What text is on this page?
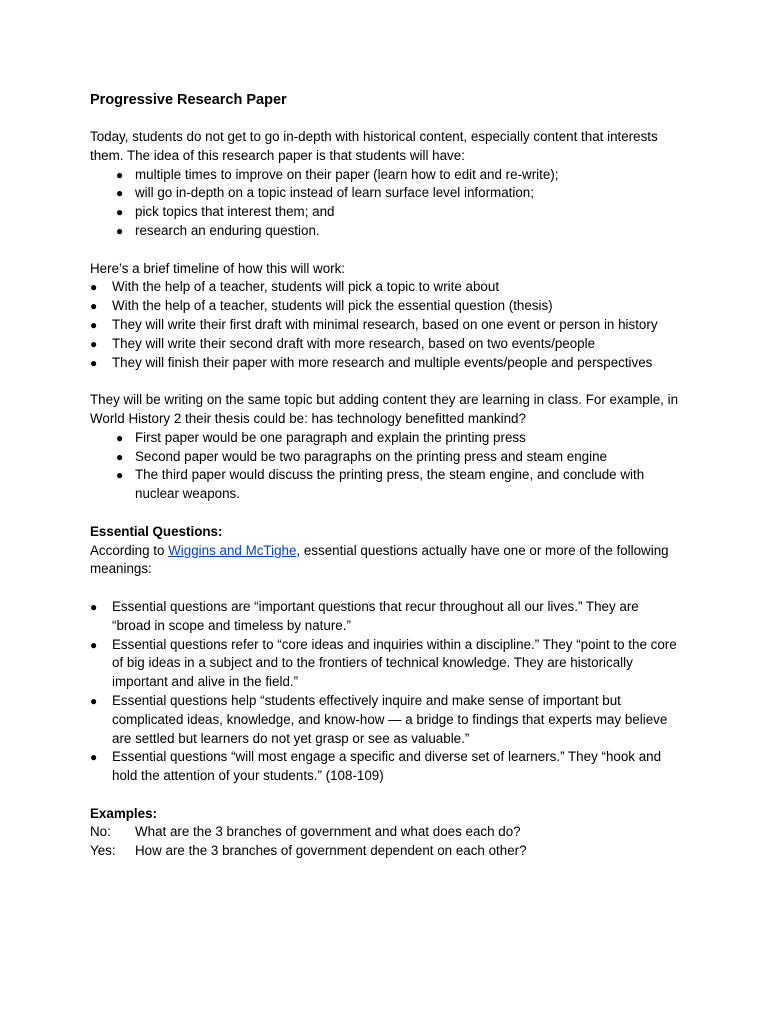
Progressive Research Paper

Today, students do not get to go in-depth with historical content, especially content that interests them. The idea of this research paper is that students will have:

● multiple times to improve on their paper (learn how to edit and re-write);
● will go in-depth on a topic instead of learn surface level information;
● pick topics that interest them; and
● research an enduring question.

Here’s a brief timeline of how this will work:

● With the help of a teacher, students will pick a topic to write about
● With the help of a teacher, students will pick the essential question (thesis)
● They will write their first draft with minimal research, based on one event or person in history
● They will write their second draft with more research, based on two events/people
● They will finish their paper with more research and multiple events/people and perspectives

They will be writing on the same topic but adding content they are learning in class. For example, in World History 2 their thesis could be: has technology benefitted mankind?

● First paper would be one paragraph and explain the printing press
● Second paper would be two paragraphs on the printing press and steam engine
● The third paper would discuss the printing press, the steam engine, and conclude with nuclear weapons.

Essential Questions:

According to Wiggins and McTighe, essential questions actually have one or more of the following meanings:

● Essential questions are “important questions that recur throughout all our lives.” They are “broad in scope and timeless by nature.”
● Essential questions refer to “core ideas and inquiries within a discipline.” They “point to the core of big ideas in a subject and to the frontiers of technical knowledge. They are historically important and alive in the field.”
● Essential questions help “students effectively inquire and make sense of important but complicated ideas, knowledge, and know-how — a bridge to findings that experts may believe are settled but learners do not yet grasp or see as valuable.”
● Essential questions “will most engage a specific and diverse set of learners.” They “hook and hold the attention of your students.” (108-109)

Examples:

No:	What are the 3 branches of government and what does each do?
Yes:	How are the 3 branches of government dependent on each other?
